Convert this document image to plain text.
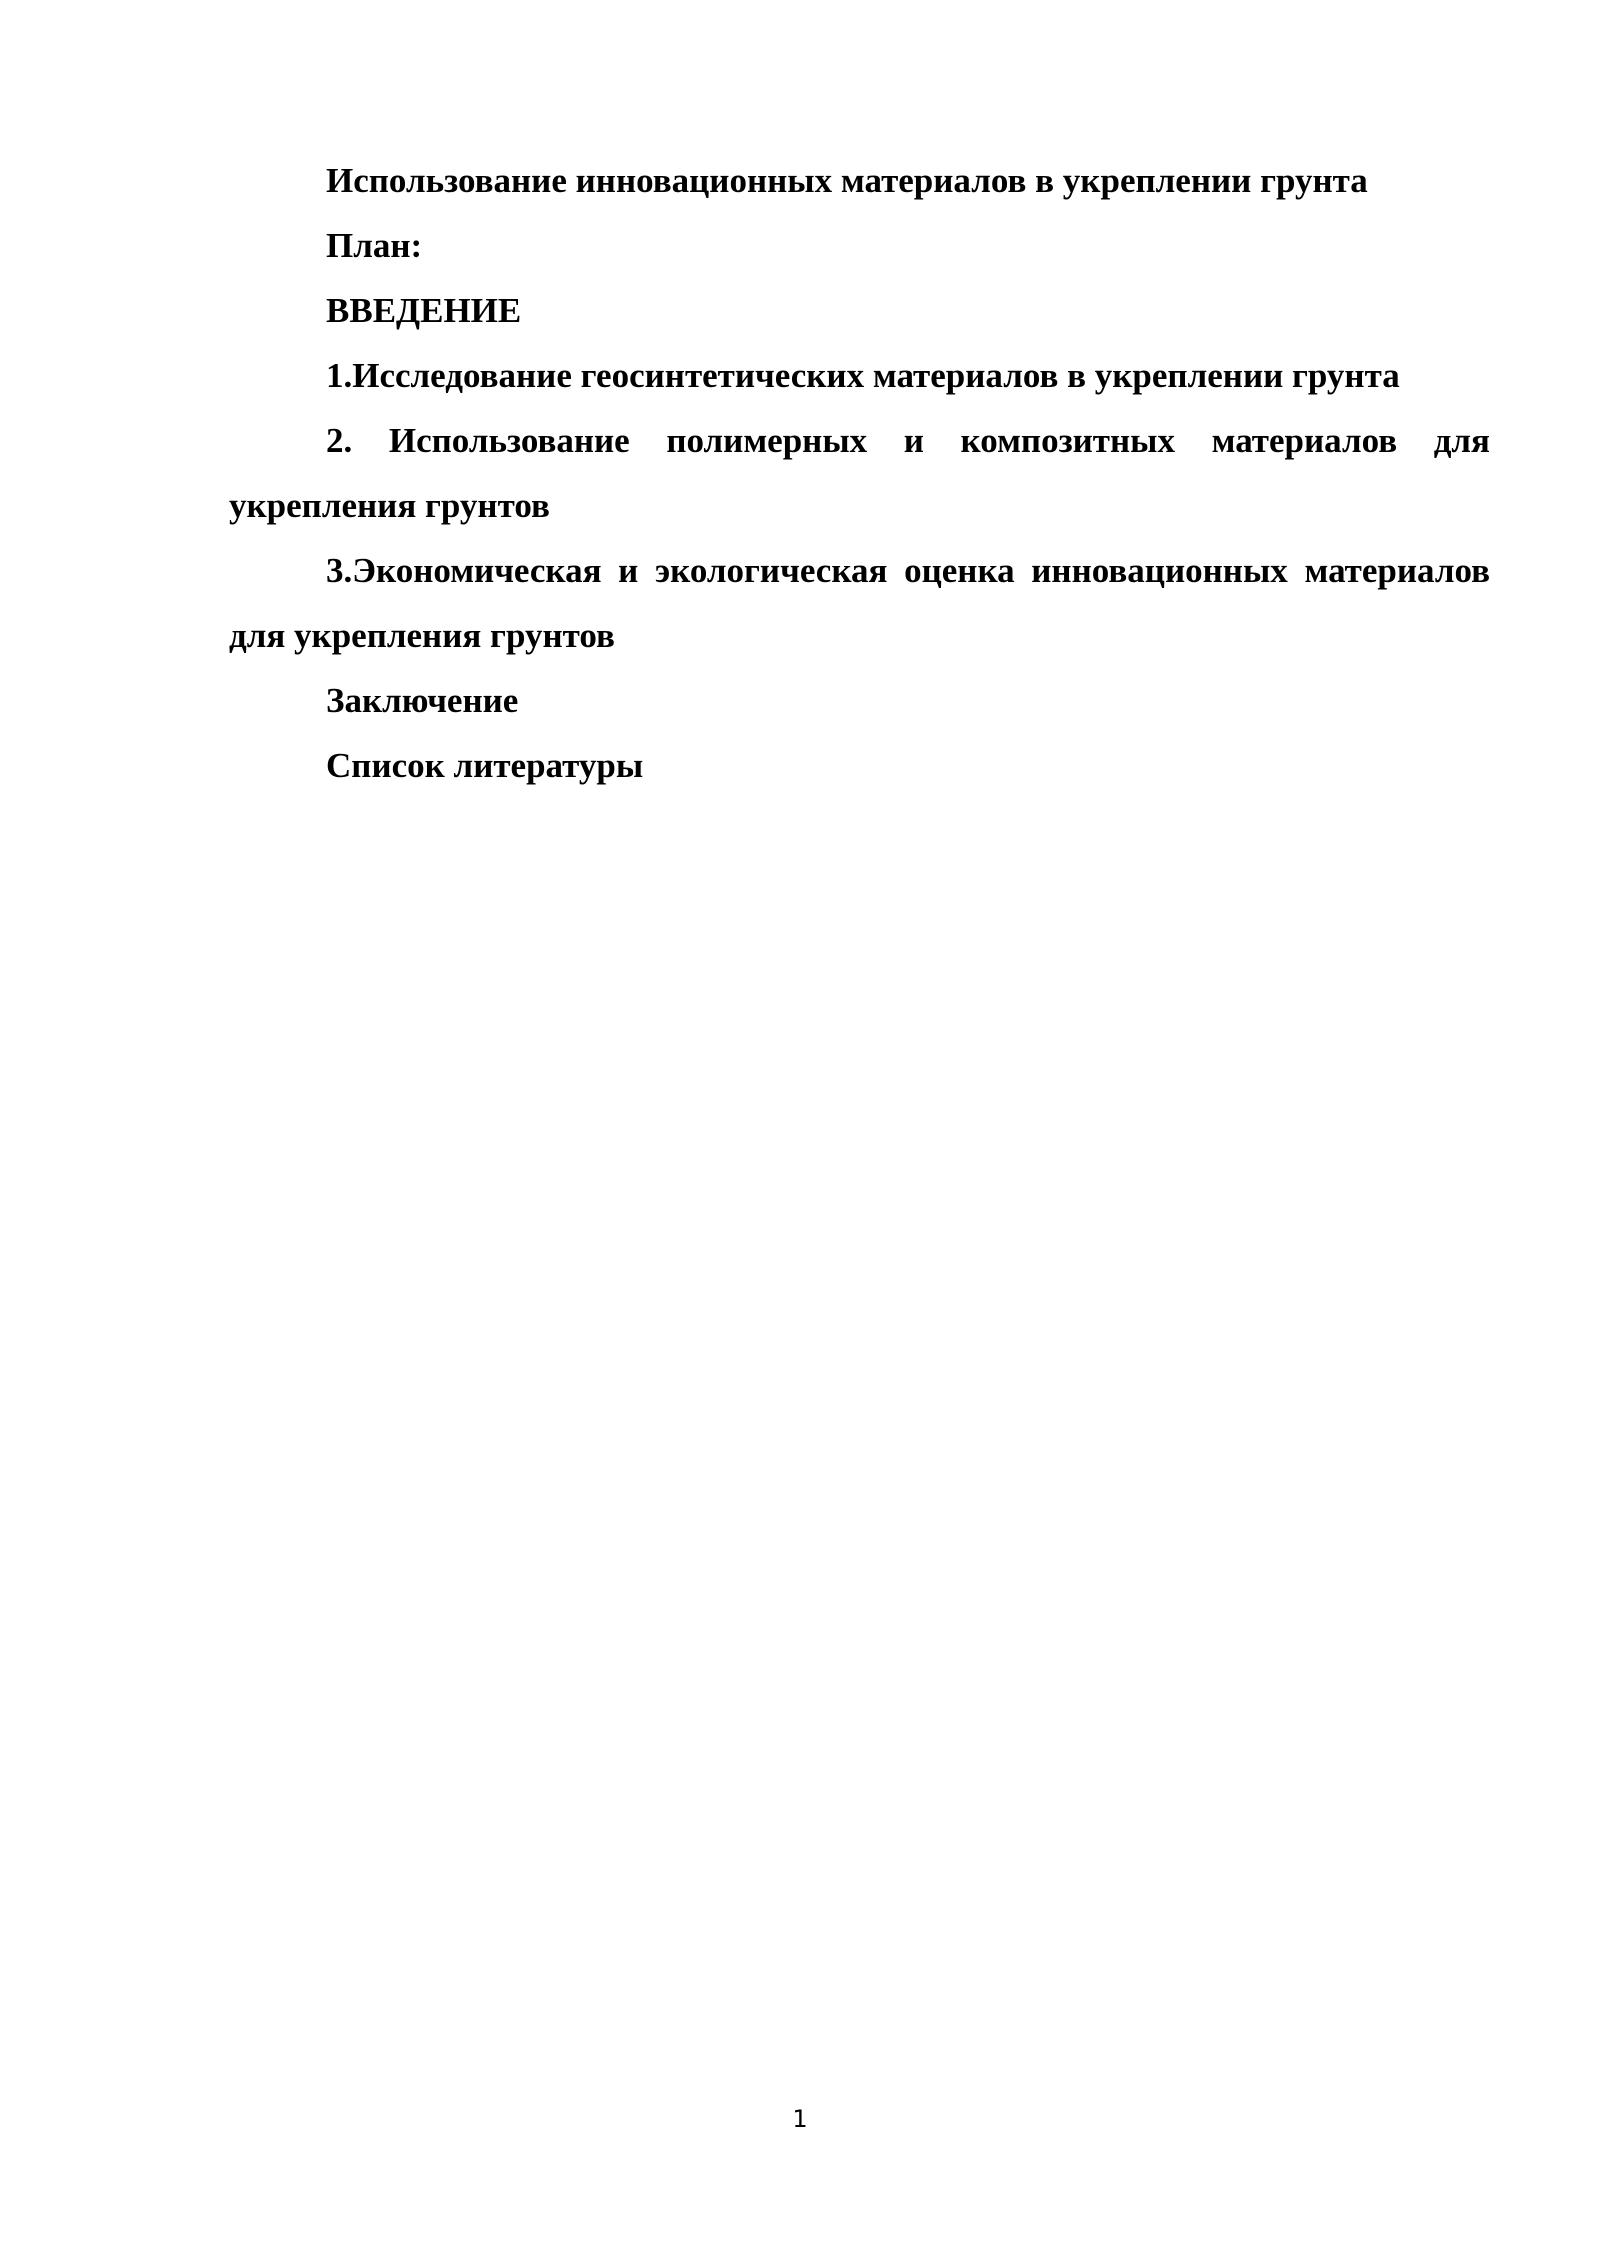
Использование инновационных материалов в укреплении грунта

План:

ВВЕДЕНИЕ

1.Исследование геосинтетических материалов в укреплении грунта

2. Использование полимерных и композитных материалов для укрепления грунтов

3.Экономическая и экологическая оценка инновационных материалов для укрепления грунтов

Заключение

Список литературы

1
